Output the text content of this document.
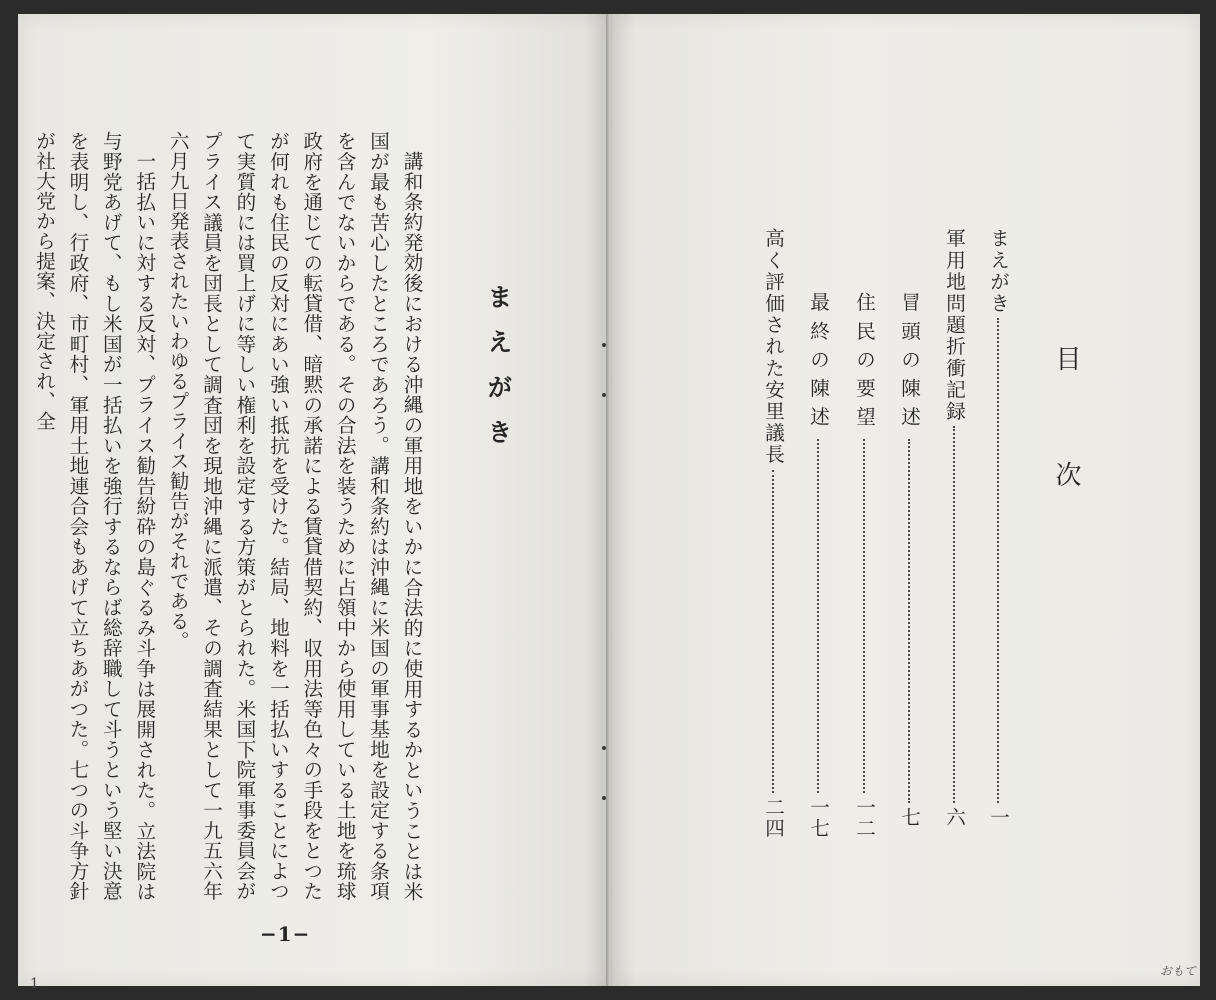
まえがき

講和条約発効後における沖縄の軍用地をいかに合法的に使用するかということは米国が最も苦心したところであろう。講和条約は沖縄に米国の軍事基地を設定する条項を含んでないからである。その合法を装うために占領中から使用している土地を琉球政府を通じての転貸借、暗黙の承諾による賃貸借契約、収用法等色々の手段をとつたが何れも住民の反対にあい強い抵抗を受けた。結局、地料を一括払いすることによつて実質的には買上げに等しい権利を設定する方策がとられた。米国下院軍事委員会がプライス議員を団長として調査団を現地沖縄に派遣、その調査結果として一九五六年六月九日発表されたいわゆるプライス勧告がそれである。

一括払いに対する反対、プライス勧告紛砕の島ぐるみ斗争は展開された。立法院は与野党あげて、もし米国が一括払いを強行するならば総辞職して斗うという堅い決意を表明し、行政府、市町村、軍用土地連合会もあげて立ちあがつた。七つの斗争方針が社大党から提案、決定され、全

−1−
1
目次
まえがき
一
軍用地問題折衝記録
六
冒頭の陳述
七
住民の要望
一二
最終の陳述
一七
高く評価された安里議長
二四
おもて
